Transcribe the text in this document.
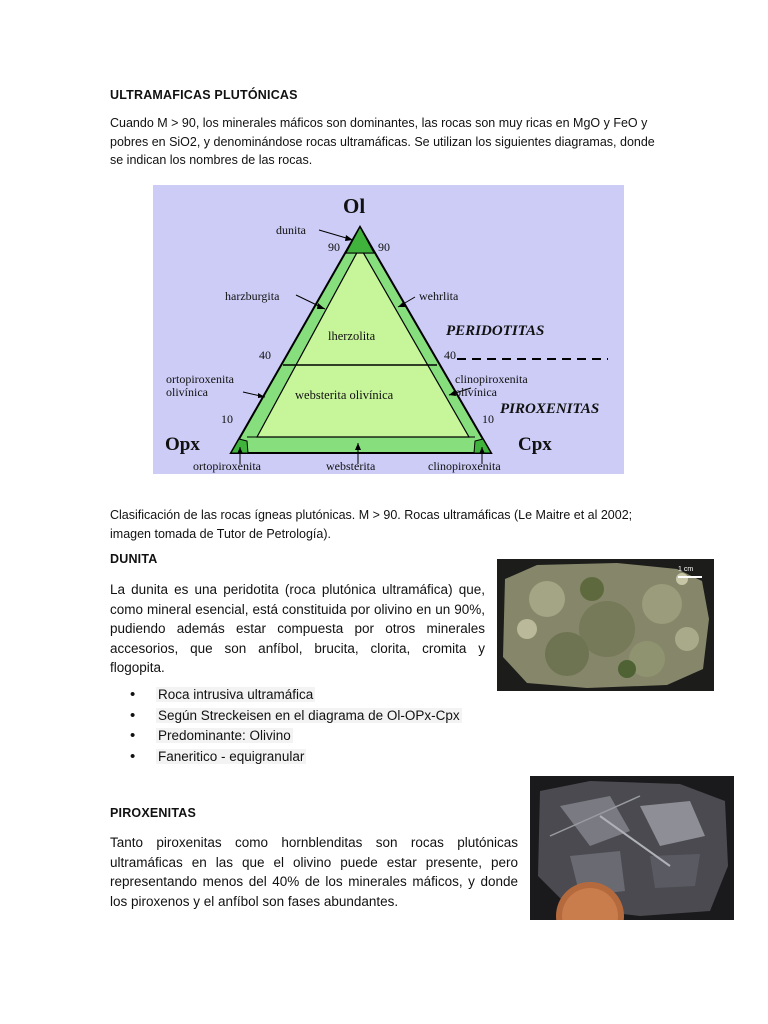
ULTRAMAFICAS PLUTÓNICAS
Cuando M > 90, los minerales máficos son dominantes, las rocas son muy ricas en MgO y FeO y pobres en SiO2, y denominándose rocas ultramáficas. Se utilizan los siguientes diagramas, donde se indican los nombres de las rocas.
Ol
Opx	Cpx
90	90
40	40
10	10
lherzolita
websterita olivínica
dunita
harzburgita	wehrlita
PERIDOTITAS
PIROXENITAS
ortopiroxenita
olivínica
clinopiroxenita
olivínica
ortopiroxenita	websterita	clinopiroxenita
Clasificación de las rocas ígneas plutónicas. M > 90. Rocas ultramáficas (Le Maitre et al 2002; imagen tomada de Tutor de Petrología).
DUNITA
La dunita es una peridotita (roca plutónica ultramáfica) que, como mineral esencial, está constituida por olivino en un 90%, pudiendo además estar compuesta por otros minerales accesorios, que son anfíbol, brucita, clorita, cromita y flogopita.
1 cm
• Roca intrusiva ultramáfica
• Según Streckeisen en el diagrama de Ol-OPx-Cpx
• Predominante: Olivino
• Faneritico - equigranular
PIROXENITAS
Tanto piroxenitas como hornblenditas son rocas plutónicas ultramáficas en las que el olivino puede estar presente, pero representando menos del 40% de los minerales máficos, y donde los piroxenos y el anfíbol son fases abundantes.
